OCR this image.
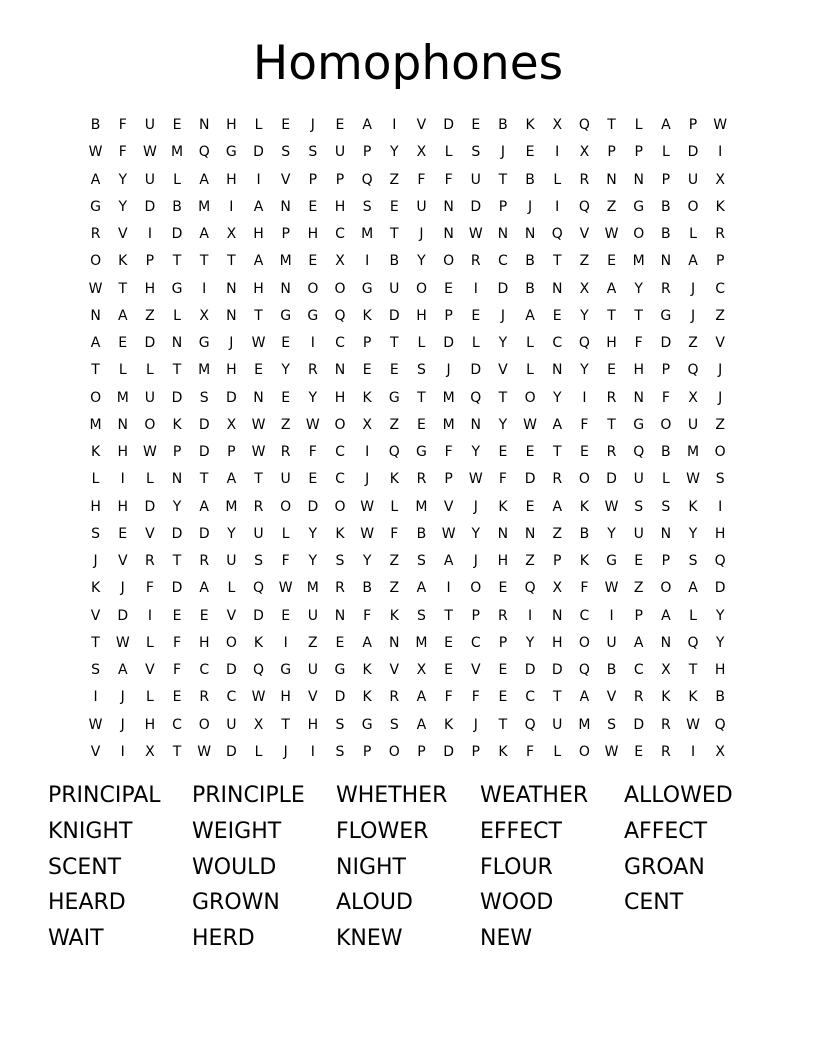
Homophones
B	F	U	E	N	H	L	E	J	E	A	I	V	D	E	B	K	X	Q	T	L	A	P	W
W	F	W	M	Q	G	D	S	S	U	P	Y	X	L	S	J	E	I	X	P	P	L	D	I
A	Y	U	L	A	H	I	V	P	P	Q	Z	F	F	U	T	B	L	R	N	N	P	U	X
G	Y	D	B	M	I	A	N	E	H	S	E	U	N	D	P	J	I	Q	Z	G	B	O	K
R	V	I	D	A	X	H	P	H	C	M	T	J	N	W	N	N	Q	V	W	O	B	L	R
O	K	P	T	T	T	A	M	E	X	I	B	Y	O	R	C	B	T	Z	E	M	N	A	P
W	T	H	G	I	N	H	N	O	O	G	U	O	E	I	D	B	N	X	A	Y	R	J	C
N	A	Z	L	X	N	T	G	G	Q	K	D	H	P	E	J	A	E	Y	T	T	G	J	Z
A	E	D	N	G	J	W	E	I	C	P	T	L	D	L	Y	L	C	Q	H	F	D	Z	V
T	L	L	T	M	H	E	Y	R	N	E	E	S	J	D	V	L	N	Y	E	H	P	Q	J
O	M	U	D	S	D	N	E	Y	H	K	G	T	M	Q	T	O	Y	I	R	N	F	X	J
M	N	O	K	D	X	W	Z	W	O	X	Z	E	M	N	Y	W	A	F	T	G	O	U	Z
K	H	W	P	D	P	W	R	F	C	I	Q	G	F	Y	E	E	T	E	R	Q	B	M	O
L	I	L	N	T	A	T	U	E	C	J	K	R	P	W	F	D	R	O	D	U	L	W	S
H	H	D	Y	A	M	R	O	D	O	W	L	M	V	J	K	E	A	K	W	S	S	K	I
S	E	V	D	D	Y	U	L	Y	K	W	F	B	W	Y	N	N	Z	B	Y	U	N	Y	H
J	V	R	T	R	U	S	F	Y	S	Y	Z	S	A	J	H	Z	P	K	G	E	P	S	Q
K	J	F	D	A	L	Q	W	M	R	B	Z	A	I	O	E	Q	X	F	W	Z	O	A	D
V	D	I	E	E	V	D	E	U	N	F	K	S	T	P	R	I	N	C	I	P	A	L	Y
T	W	L	F	H	O	K	I	Z	E	A	N	M	E	C	P	Y	H	O	U	A	N	Q	Y
S	A	V	F	C	D	Q	G	U	G	K	V	X	E	V	E	D	D	Q	B	C	X	T	H
I	J	L	E	R	C	W	H	V	D	K	R	A	F	F	E	C	T	A	V	R	K	K	B
W	J	H	C	O	U	X	T	H	S	G	S	A	K	J	T	Q	U	M	S	D	R	W	Q
V	I	X	T	W	D	L	J	I	S	P	O	P	D	P	K	F	L	O	W	E	R	I	X
PRINCIPAL	PRINCIPLE	WHETHER	WEATHER	ALLOWED
KNIGHT	WEIGHT	FLOWER	EFFECT	AFFECT
SCENT	WOULD	NIGHT	FLOUR	GROAN
HEARD	GROWN	ALOUD	WOOD	CENT
WAIT	HERD	KNEW	NEW
